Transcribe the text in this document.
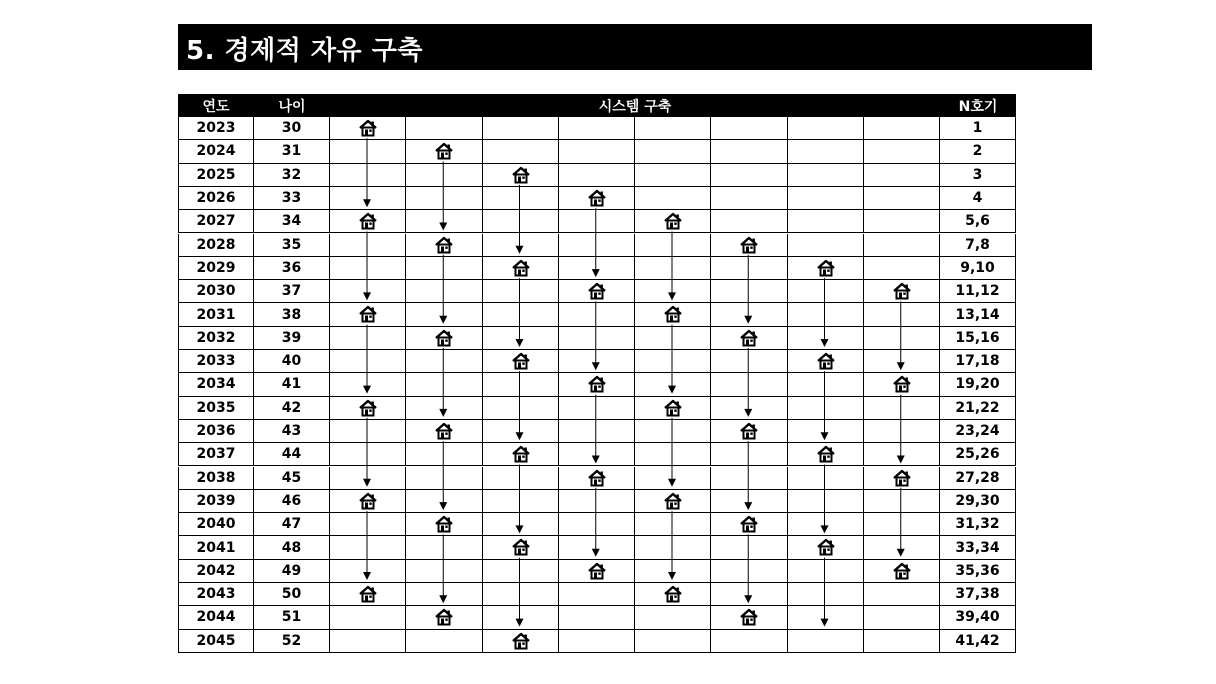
5. 경제적 자유 구축
연도	나이	시스템 구축	N호기
2023	30	1
2024	31	2
2025	32	3
2026	33	4
2027	34	5,6
2028	35	7,8
2029	36	9,10
2030	37	11,12
2031	38	13,14
2032	39	15,16
2033	40	17,18
2034	41	19,20
2035	42	21,22
2036	43	23,24
2037	44	25,26
2038	45	27,28
2039	46	29,30
2040	47	31,32
2041	48	33,34
2042	49	35,36
2043	50	37,38
2044	51	39,40
2045	52	41,42
